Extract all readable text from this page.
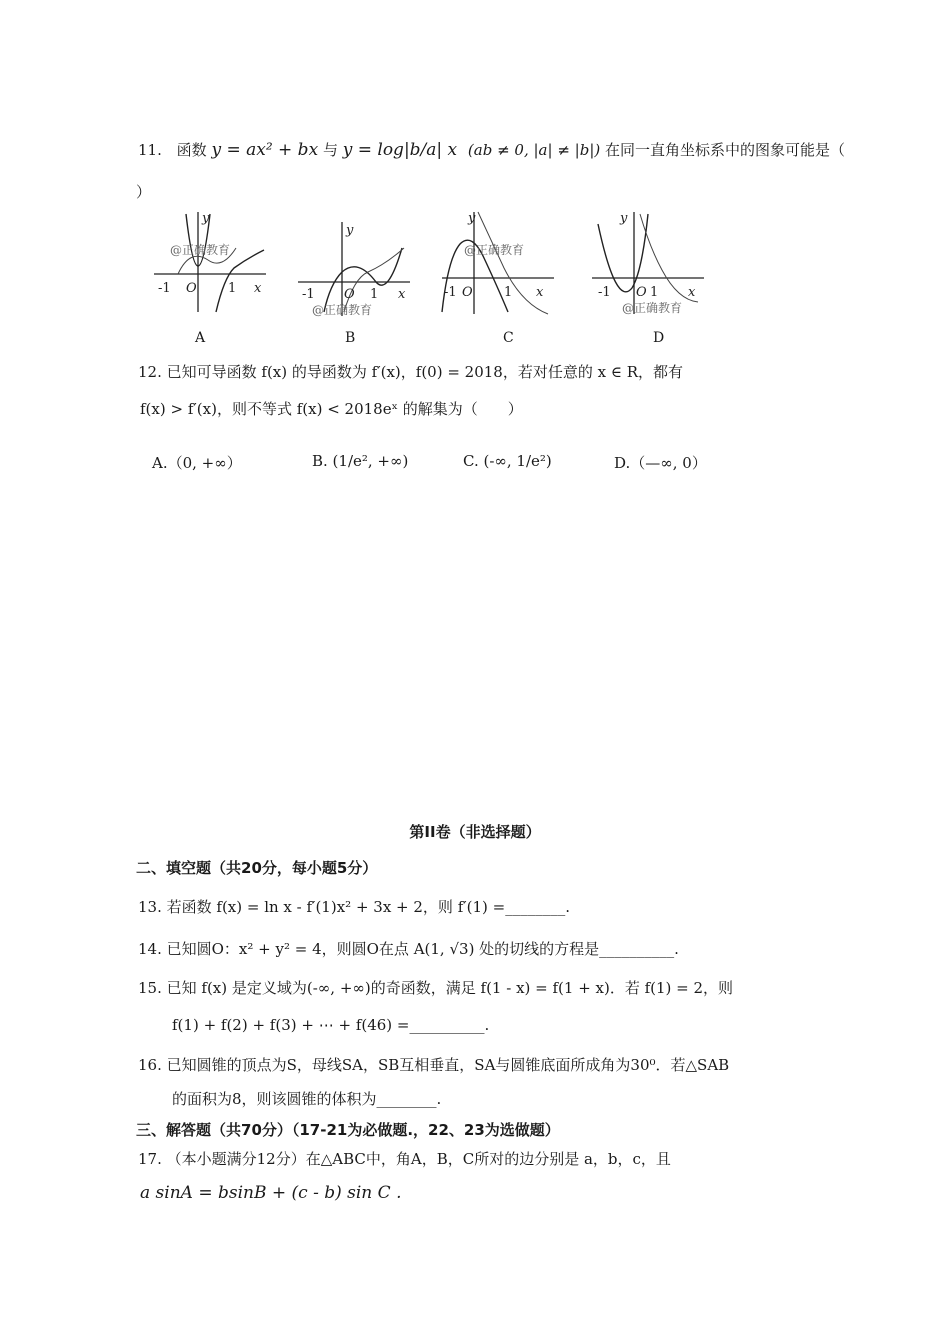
11. 函数 y = ax² + bx 与 y = log|b/a| x (ab ≠ 0, |a| ≠ |b|) 在同一直角坐标系中的图象可能是（
）
y
x
O
-1	1
@正确教育
A
y
x
O
-1	1
@正确教育
B
y
x
O
-1	1
@正确教育
C
y
x
O
-1	1
@正确教育
D
12. 已知可导函数 f(x) 的导函数为 f′(x)，f(0) = 2018，若对任意的 x ∈ R，都有
f(x) > f′(x)，则不等式 f(x) < 2018eˣ 的解集为（　　）
A.（0, +∞）	B. (1/e², +∞)	C. (-∞, 1/e²)	D.（—∞, 0）
第II卷（非选择题）
二、填空题（共20分，每小题5分）
13. 若函数 f(x) = ln x - f′(1)x² + 3x + 2，则 f′(1) =________.
14. 已知圆O：x² + y² = 4，则圆O在点 A(1, √3) 处的切线的方程是__________.
15. 已知 f(x) 是定义域为(-∞, +∞)的奇函数，满足 f(1 - x) = f(1 + x)．若 f(1) = 2，则
f(1) + f(2) + f(3) + ⋯ + f(46) =__________.
16. 已知圆锥的顶点为S，母线SA，SB互相垂直，SA与圆锥底面所成角为30⁰．若△SAB
的面积为8，则该圆锥的体积为________.
三、解答题（共70分）（17-21为必做题.，22、23为选做题）
17. （本小题满分12分）在△ABC中，角A，B，C所对的边分别是 a，b，c，且
a sinA = bsinB + (c - b) sin C .
